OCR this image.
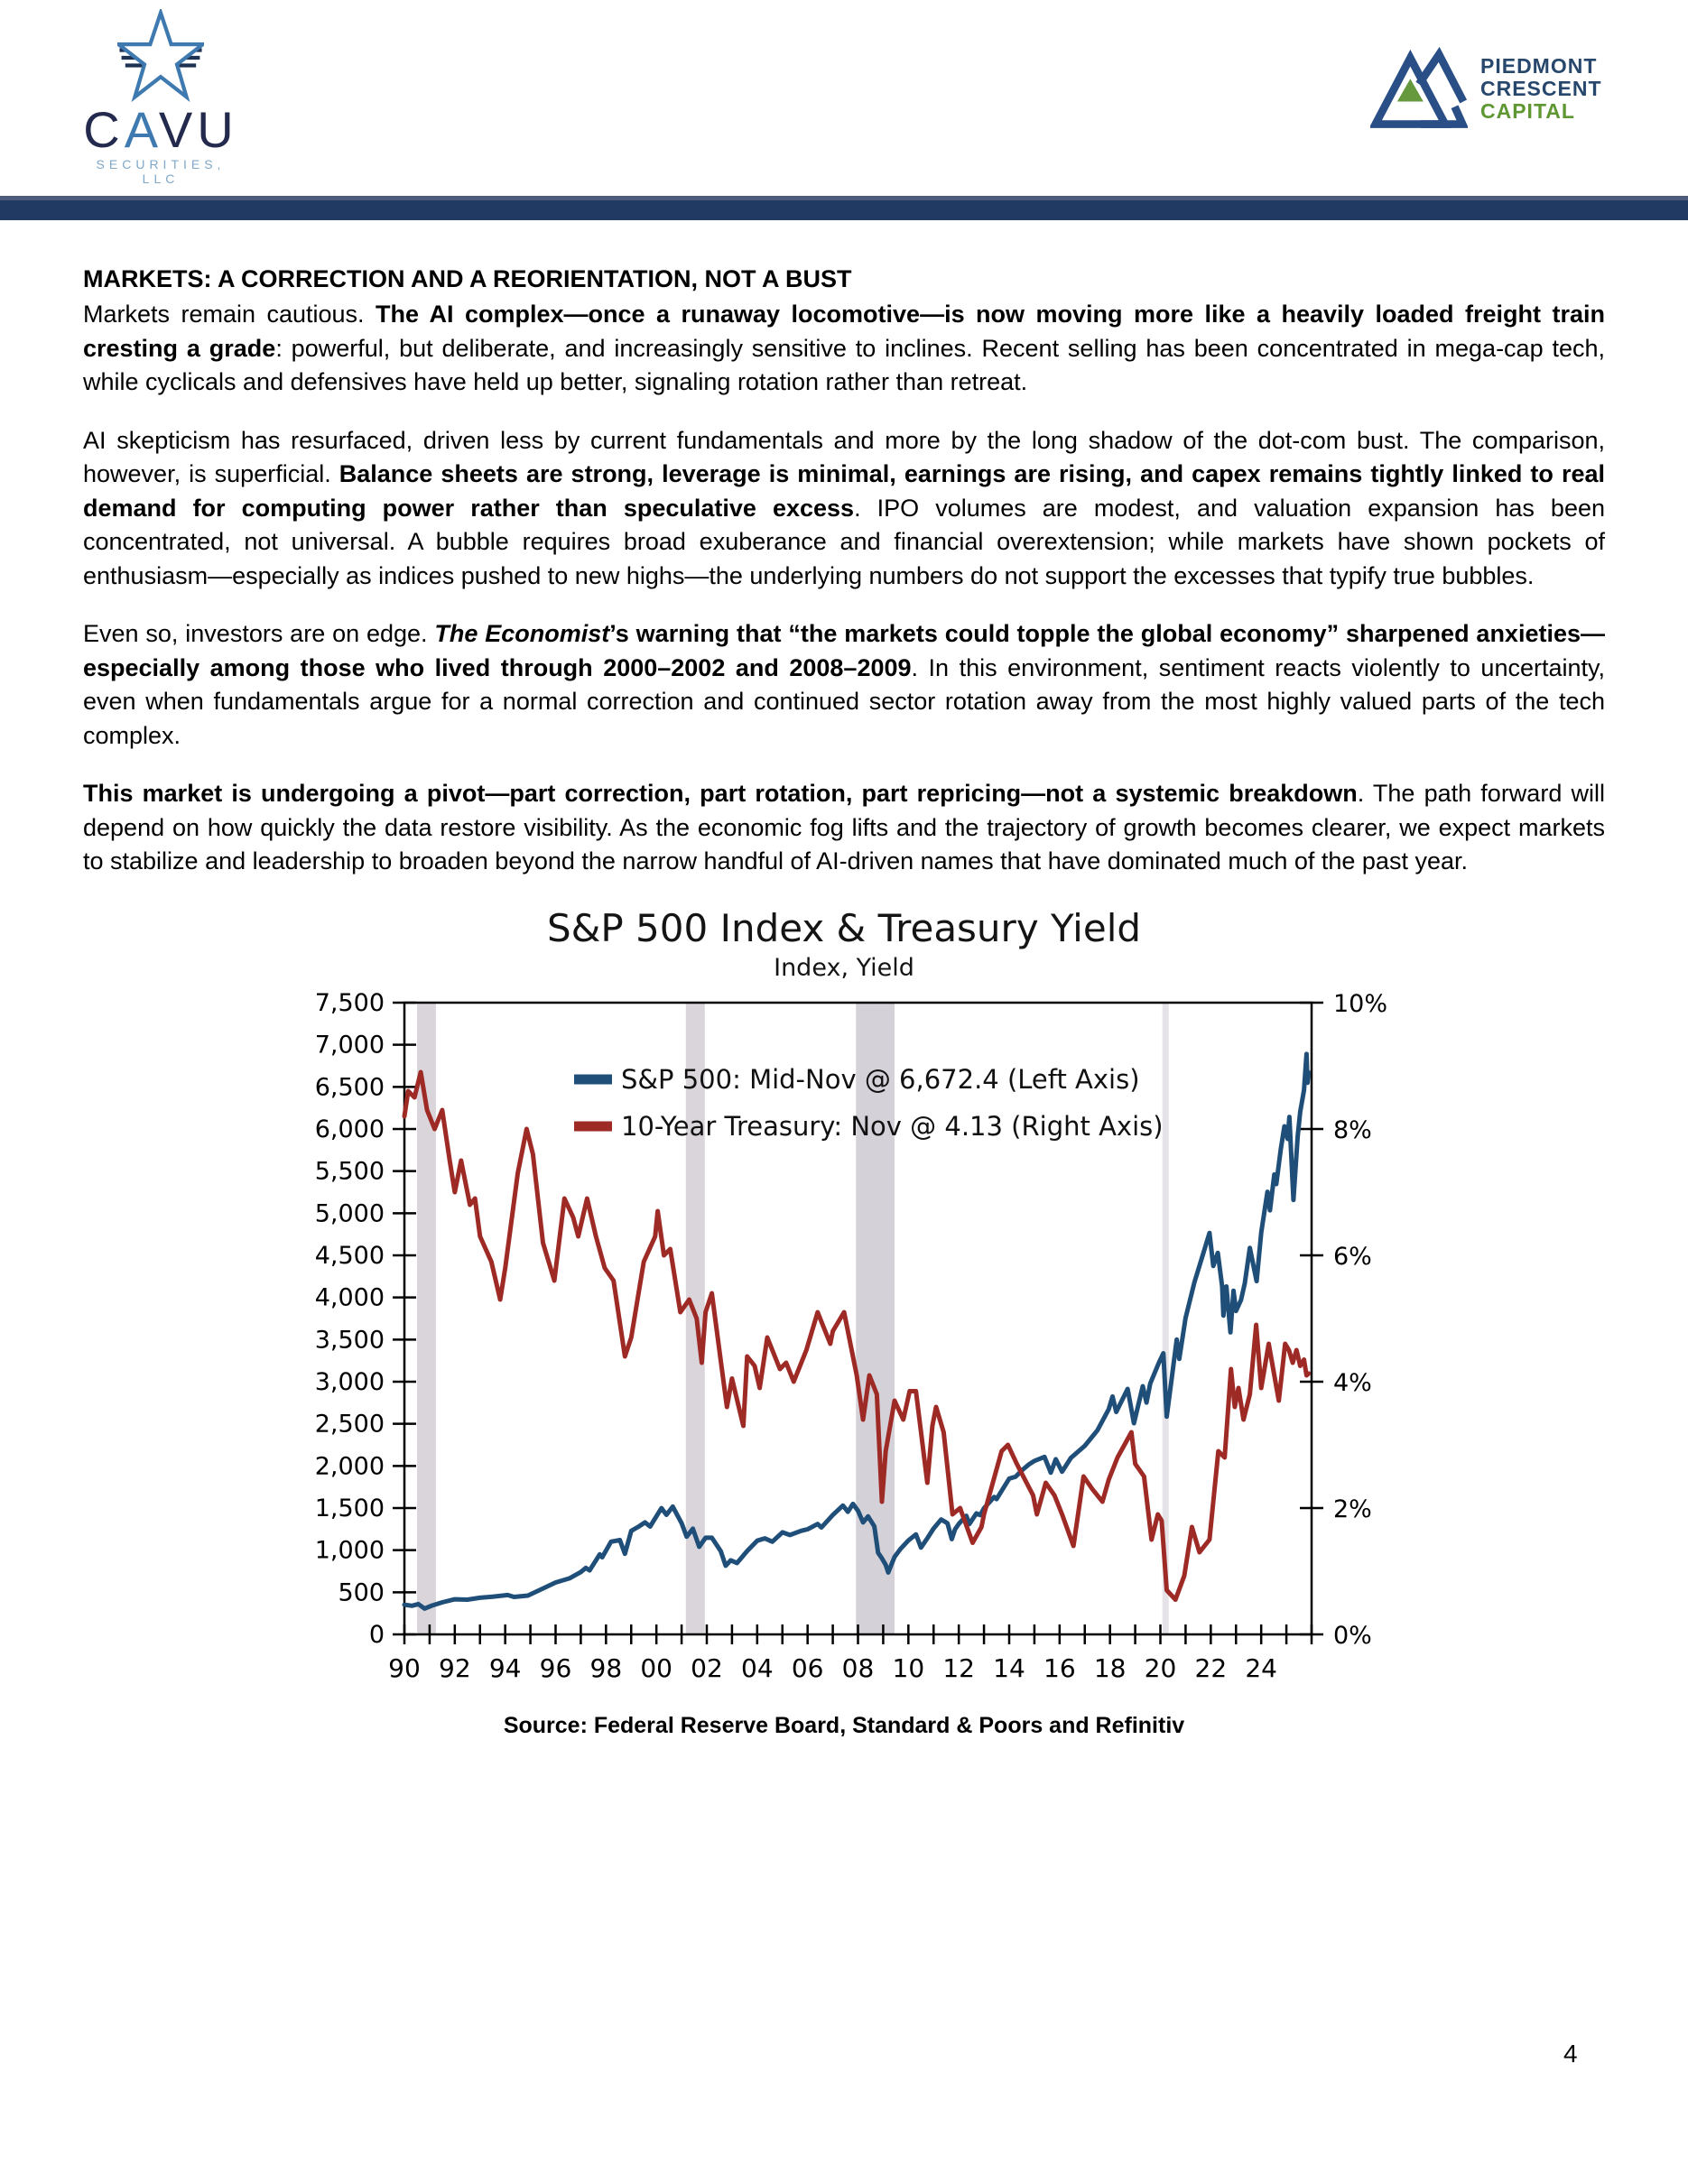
CAVU
SECURITIES, LLC
PIEDMONT
CRESCENT
CAPITAL
MARKETS: A CORRECTION AND A REORIENTATION, NOT A BUST

Markets remain cautious. The AI complex—once a runaway locomotive—is now moving more like a heavily loaded freight train cresting a grade: powerful, but deliberate, and increasingly sensitive to inclines. Recent selling has been concentrated in mega-cap tech, while cyclicals and defensives have held up better, signaling rotation rather than retreat.

AI skepticism has resurfaced, driven less by current fundamentals and more by the long shadow of the dot-com bust. The comparison, however, is superficial. Balance sheets are strong, leverage is minimal, earnings are rising, and capex remains tightly linked to real demand for computing power rather than speculative excess. IPO volumes are modest, and valuation expansion has been concentrated, not universal. A bubble requires broad exuberance and financial overextension; while markets have shown pockets of enthusiasm—especially as indices pushed to new highs—the underlying numbers do not support the excesses that typify true bubbles.

Even so, investors are on edge. The Economist’s warning that “the markets could topple the global economy” sharpened anxieties—especially among those who lived through 2000–2002 and 2008–2009. In this environment, sentiment reacts violently to uncertainty, even when fundamentals argue for a normal correction and continued sector rotation away from the most highly valued parts of the tech complex.

This market is undergoing a pivot—part correction, part rotation, part repricing—not a systemic breakdown. The path forward will depend on how quickly the data restore visibility. As the economic fog lifts and the trajectory of growth becomes clearer, we expect markets to stabilize and leadership to broaden beyond the narrow handful of AI-driven names that have dominated much of the past year.

S&P 500 Index & Treasury Yield
Index, Yield
0
500
1,000
1,500
2,000
2,500
3,000
3,500
4,000
4,500
5,000
5,500
6,000
6,500
7,000
7,500
0%
2%
4%
6%
8%
10%
90 92 94 96 98 00 02 04 06 08 10 12 14 16 18 20 22 24
S&P 500: Mid-Nov @ 6,672.4 (Left Axis)
10-Year Treasury: Nov @ 4.13 (Right Axis)
Source: Federal Reserve Board, Standard & Poors and Refinitiv
4
